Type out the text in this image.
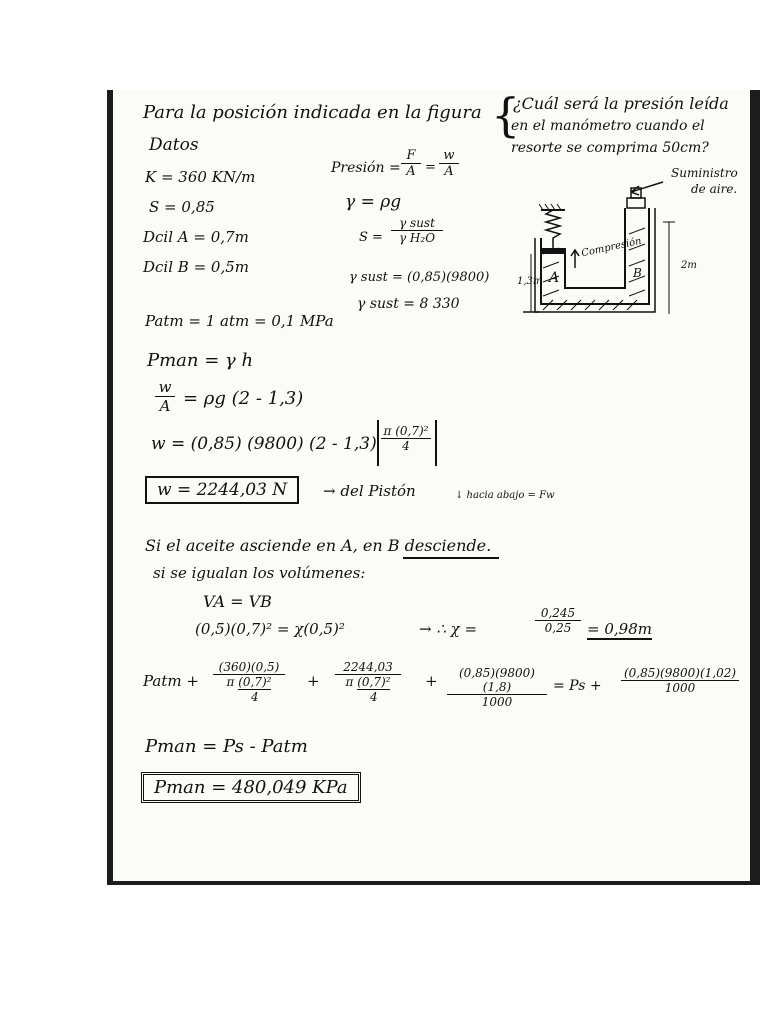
Para la posición indicada en la figura {
¿Cuál será la presión leída
en el manómetro cuando el
resorte se comprima 50cm?
Datos
K = 360 KN/m
S = 0,85
Dcil A = 0,7m
Dcil B = 0,5m
Presión = $\frac{F}{A} = \frac{w}{A}$
γ = ρg
S =
γ sust
γ H₂O
γ sust = (0,85)(9800)
γ sust = 8 330
Suministro
de aire.
Compresión
A	B
1,3m
2m
Patm = 1 atm = 0,1 MPa
Pman = γ h
$\frac{w}{A} = \rho g$ (2 - 1,3)
w = (0,85) (9800) $(2 - 1,3) \frac{\text{π (0,7)²}}{4}$
w = 2244,03 N	→ del Pistón	↓ hacia abajo = Fw
Si el aceite asciende en A, en B desciende.
si se igualan los volúmenes:
VA = VB
(0,5)(0,7)² = χ(0,5)²	→ ∴ χ =	$\frac{0,245}{0,25} = 0,98m$
Patm + $\frac{(360)(0,5)}{\pi \frac{\text{(0,7)²}}{4}} + \frac{2244,03}{\pi \frac{\text{(0,7)²}}{4}} + \frac{(0,85)(9800)(1,8)}{1000} = Ps + \frac{(0,85)(9800)(1,02)}{1000}$
Pman = Ps - Patm
Pman = 480,049 KPa
